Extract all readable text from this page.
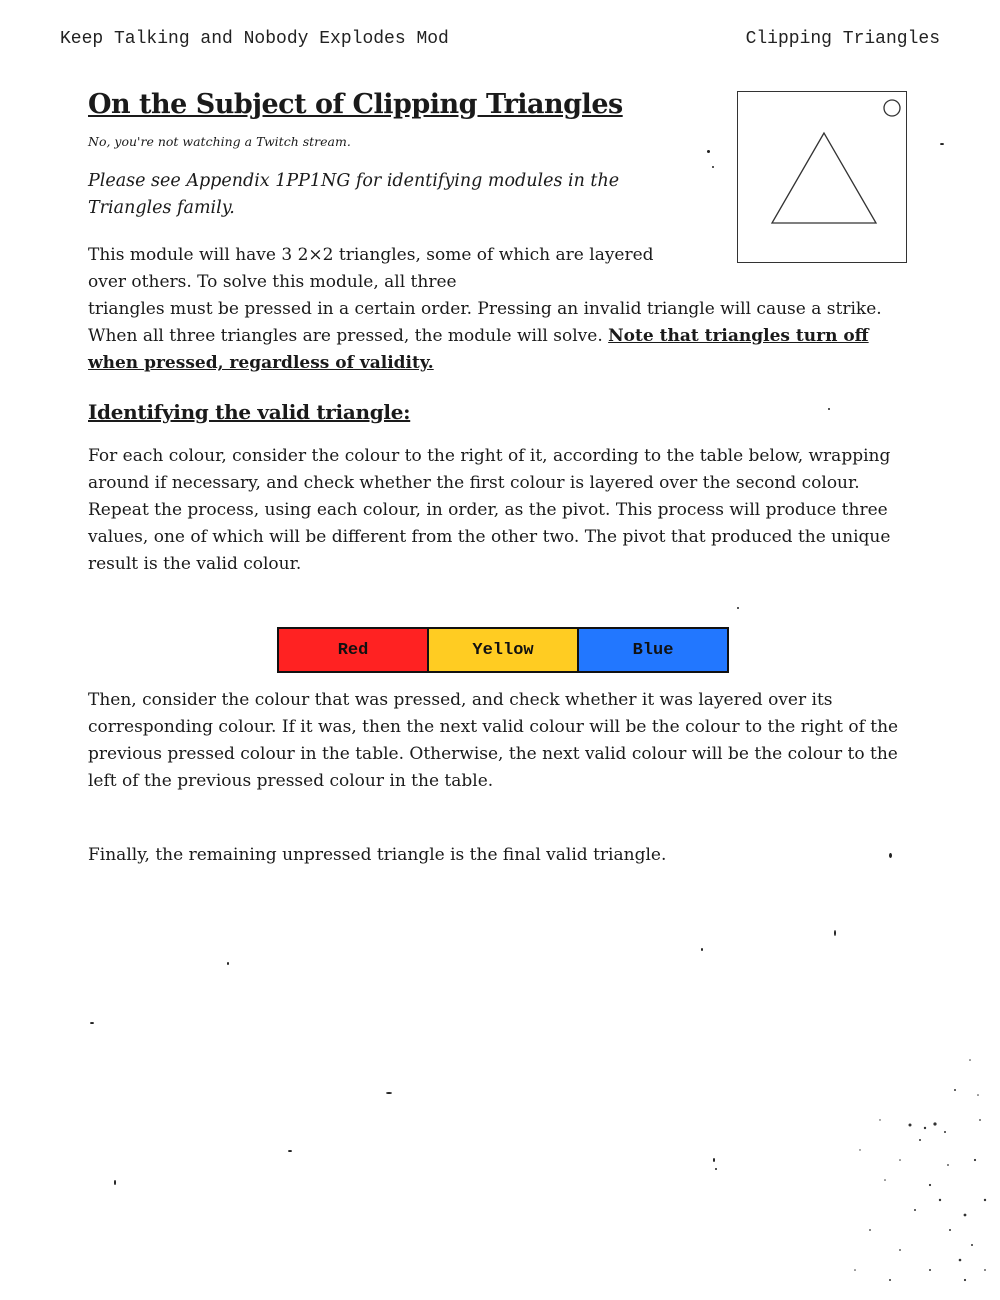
Keep Talking and Nobody Explodes Mod	Clipping Triangles
On the Subject of Clipping Triangles

No, you're not watching a Twitch stream.

Please see Appendix 1PP1NG for identifying modules in the Triangles family.

This module will have 3 2×2 triangles, some of which are layered over others. To solve this module, all three

triangles must be pressed in a certain order. Pressing an invalid triangle will cause a strike. When all three triangles are pressed, the module will solve. Note that triangles turn off when pressed, regardless of validity.

Identifying the valid triangle:

For each colour, consider the colour to the right of it, according to the table below, wrapping around if necessary, and check whether the first colour is layered over the second colour. Repeat the process, using each colour, in order, as the pivot. This process will produce three values, one of which will be different from the other two. The pivot that produced the unique result is the valid colour.

Red	Yellow	Blue

Then, consider the colour that was pressed, and check whether it was layered over its corresponding colour. If it was, then the next valid colour will be the colour to the right of the previous pressed colour in the table. Otherwise, the next valid colour will be the colour to the left of the previous pressed colour in the table.

Finally, the remaining unpressed triangle is the final valid triangle.
